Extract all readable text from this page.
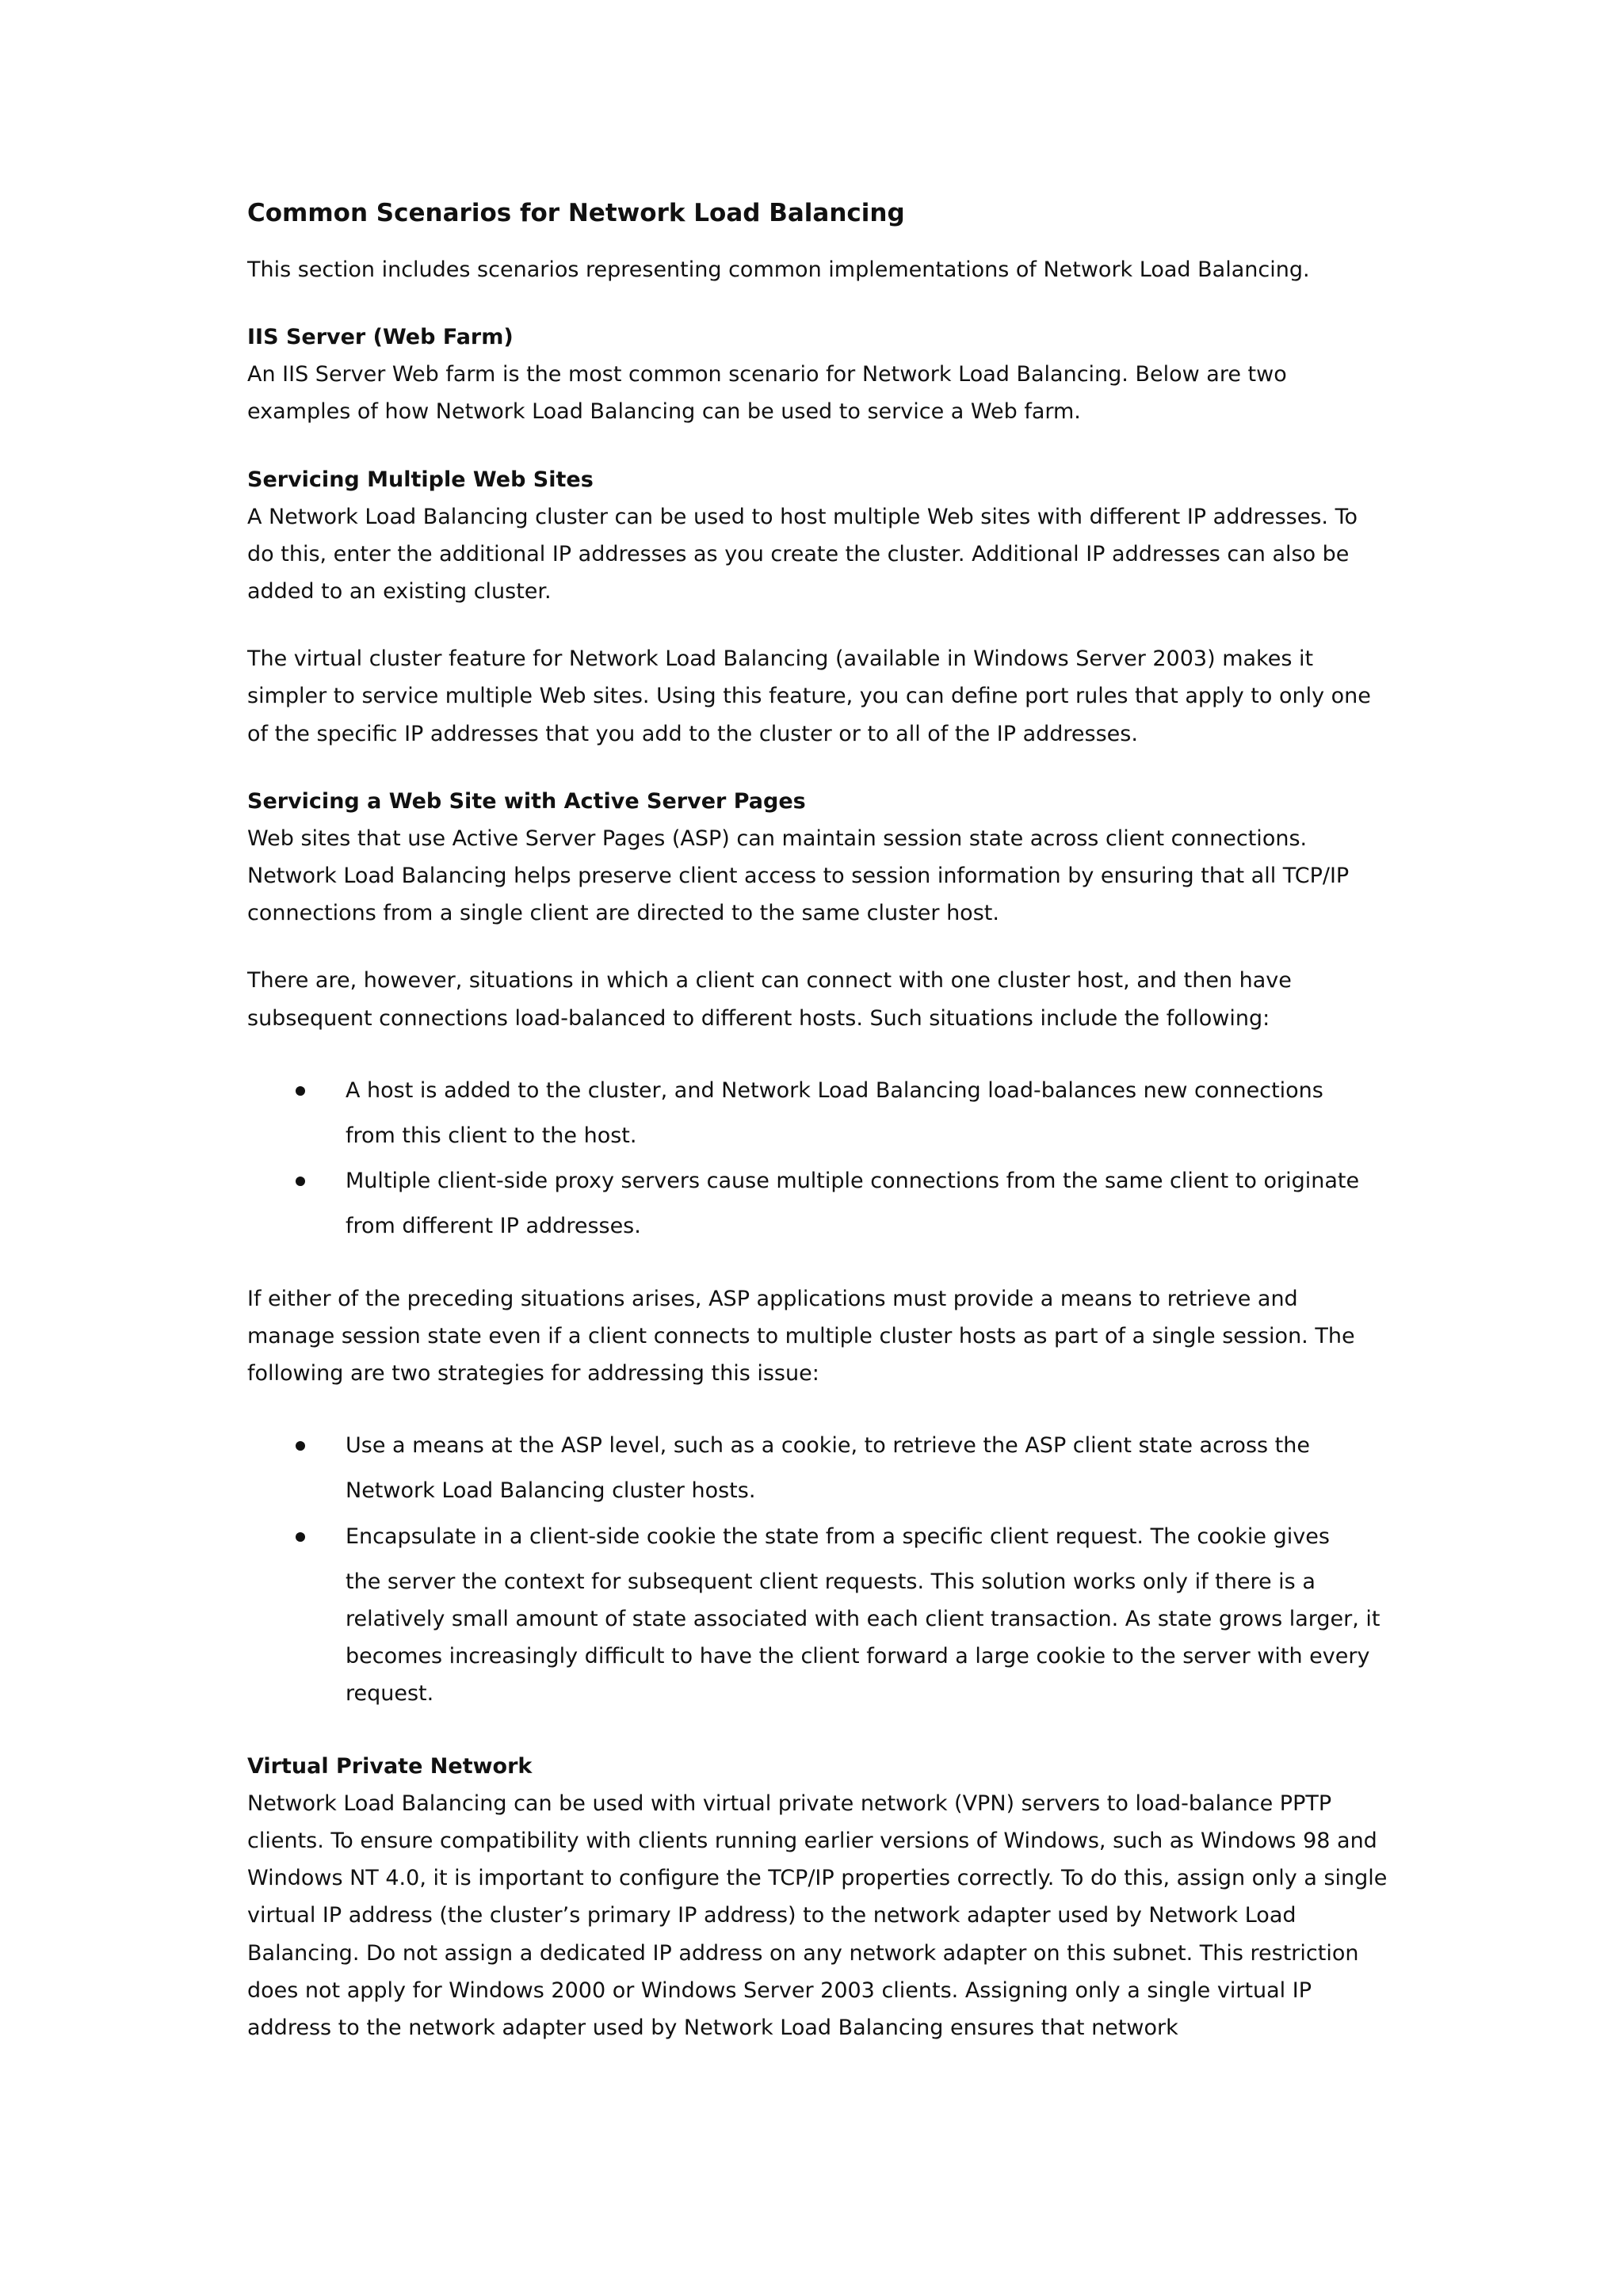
Common Scenarios for Network Load Balancing

This section includes scenarios representing common implementations of Network Load Balancing.

IIS Server (Web Farm)

An IIS Server Web farm is the most common scenario for Network Load Balancing. Below are two examples of how Network Load Balancing can be used to service a Web farm.

Servicing Multiple Web Sites

A Network Load Balancing cluster can be used to host multiple Web sites with different IP addresses. To do this, enter the additional IP addresses as you create the cluster. Additional IP addresses can also be added to an existing cluster.

The virtual cluster feature for Network Load Balancing (available in Windows Server 2003) makes it simpler to service multiple Web sites. Using this feature, you can define port rules that apply to only one of the specific IP addresses that you add to the cluster or to all of the IP addresses.

Servicing a Web Site with Active Server Pages

Web sites that use Active Server Pages (ASP) can maintain session state across client connections. Network Load Balancing helps preserve client access to session information by ensuring that all TCP/IP connections from a single client are directed to the same cluster host.

There are, however, situations in which a client can connect with one cluster host, and then have subsequent connections load-balanced to different hosts. Such situations include the following:

A host is added to the cluster, and Network Load Balancing load-balances new connections
from this client to the host.
Multiple client-side proxy servers cause multiple connections from the same client to originate
from different IP addresses.

If either of the preceding situations arises, ASP applications must provide a means to retrieve and manage session state even if a client connects to multiple cluster hosts as part of a single session. The following are two strategies for addressing this issue:

Use a means at the ASP level, such as a cookie, to retrieve the ASP client state across the
Network Load Balancing cluster hosts.
Encapsulate in a client-side cookie the state from a specific client request. The cookie gives
the server the context for subsequent client requests. This solution works only if there is a relatively small amount of state associated with each client transaction. As state grows larger, it becomes increasingly difficult to have the client forward a large cookie to the server with every request.
Virtual Private Network

Network Load Balancing can be used with virtual private network (VPN) servers to load-balance PPTP clients. To ensure compatibility with clients running earlier versions of Windows, such as Windows 98 and Windows NT 4.0, it is important to configure the TCP/IP properties correctly. To do this, assign only a single virtual IP address (the cluster’s primary IP address) to the network adapter used by Network Load Balancing. Do not assign a dedicated IP address on any network adapter on this subnet. This restriction does not apply for Windows 2000 or Windows Server 2003 clients. Assigning only a single virtual IP address to the network adapter used by Network Load Balancing ensures that network
